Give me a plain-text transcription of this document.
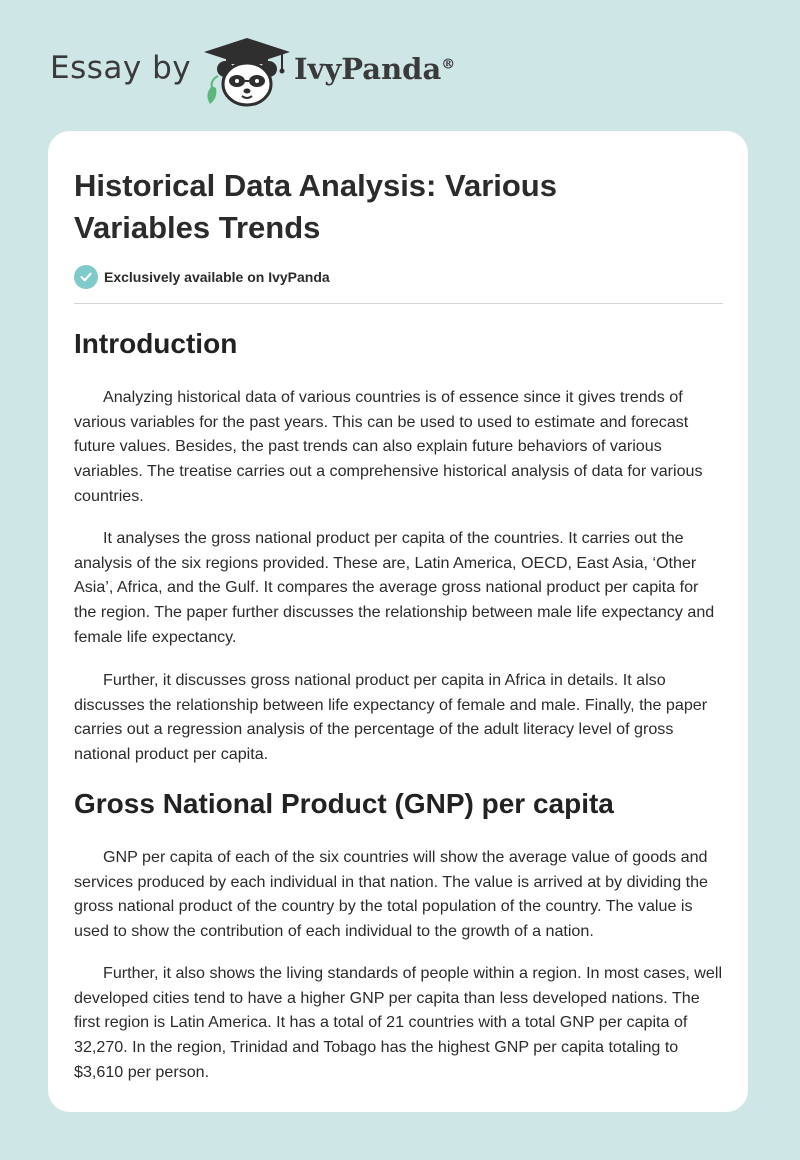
Essay by	IvyPanda®
Historical Data Analysis: Various Variables Trends
Exclusively available on IvyPanda
Introduction

Analyzing historical data of various countries is of essence since it gives trends of various variables for the past years. This can be used to used to estimate and forecast future values. Besides, the past trends can also explain future behaviors of various variables. The treatise carries out a comprehensive historical analysis of data for various countries.

It analyses the gross national product per capita of the countries. It carries out the analysis of the six regions provided. These are, Latin America, OECD, East Asia, ‘Other Asia’, Africa, and the Gulf. It compares the average gross national product per capita for the region. The paper further discusses the relationship between male life expectancy and female life expectancy.

Further, it discusses gross national product per capita in Africa in details. It also discusses the relationship between life expectancy of female and male. Finally, the paper carries out a regression analysis of the percentage of the adult literacy level of gross national product per capita.

Gross National Product (GNP) per capita

GNP per capita of each of the six countries will show the average value of goods and services produced by each individual in that nation. The value is arrived at by dividing the gross national product of the country by the total population of the country. The value is used to show the contribution of each individual to the growth of a nation.

Further, it also shows the living standards of people within a region. In most cases, well developed cities tend to have a higher GNP per capita than less developed nations. The first region is Latin America. It has a total of 21 countries with a total GNP per capita of 32,270. In the region, Trinidad and Tobago has the highest GNP per capita totaling to $3,610 per person.
